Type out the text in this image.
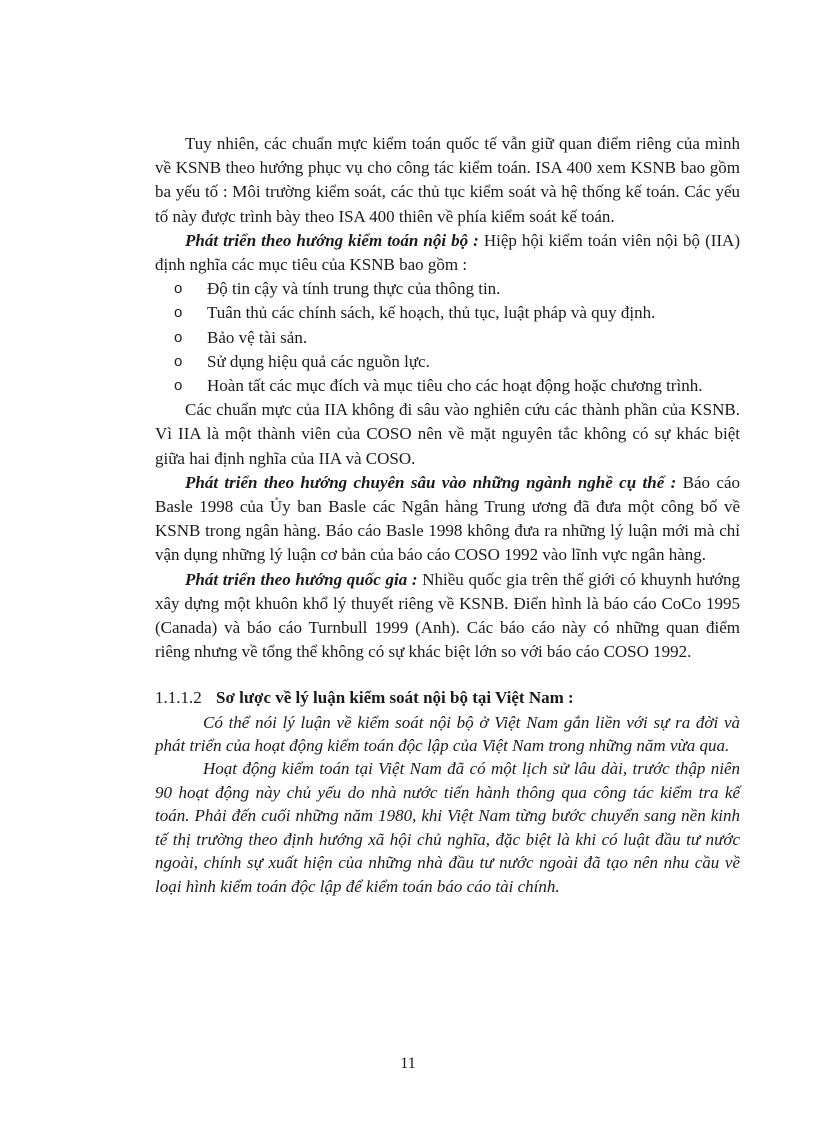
Tuy nhiên, các chuẩn mực kiểm toán quốc tế vẫn giữ quan điểm riêng của mình về KSNB theo hướng phục vụ cho công tác kiểm toán. ISA 400 xem KSNB bao gồm ba yếu tố : Môi trường kiểm soát, các thủ tục kiểm soát và hệ thống kế toán. Các yếu tố này được trình bày theo ISA 400 thiên về phía kiểm soát kế toán.

Phát triển theo hướng kiểm toán nội bộ : Hiệp hội kiểm toán viên nội bộ (IIA) định nghĩa các mục tiêu của KSNB bao gồm :

o Độ tin cậy và tính trung thực của thông tin.
o Tuân thủ các chính sách, kế hoạch, thủ tục, luật pháp và quy định.
o Bảo vệ tài sản.
o Sử dụng hiệu quả các nguồn lực.
o Hoàn tất các mục đích và mục tiêu cho các hoạt động hoặc chương trình.

Các chuẩn mực của IIA không đi sâu vào nghiên cứu các thành phần của KSNB. Vì IIA là một thành viên của COSO nên về mặt nguyên tắc không có sự khác biệt giữa hai định nghĩa của IIA và COSO.

Phát triển theo hướng chuyên sâu vào những ngành nghề cụ thể : Báo cáo Basle 1998 của Ủy ban Basle các Ngân hàng Trung ương đã đưa một công bố về KSNB trong ngân hàng. Báo cáo Basle 1998 không đưa ra những lý luận mới mà chỉ vận dụng những lý luận cơ bản của báo cáo COSO 1992 vào lĩnh vực ngân hàng.

Phát triển theo hướng quốc gia : Nhiều quốc gia trên thế giới có khuynh hướng xây dựng một khuôn khổ lý thuyết riêng về KSNB. Điển hình là báo cáo CoCo 1995 (Canada) và báo cáo Turnbull 1999 (Anh). Các báo cáo này có những quan điểm riêng nhưng về tổng thể không có sự khác biệt lớn so với báo cáo COSO 1992.

1.1.1.2 Sơ lược về lý luận kiểm soát nội bộ tại Việt Nam :

Có thể nói lý luận về kiểm soát nội bộ ở Việt Nam gắn liền với sự ra đời và phát triển của hoạt động kiểm toán độc lập của Việt Nam trong những năm vừa qua.

Hoạt động kiểm toán tại Việt Nam đã có một lịch sử lâu dài, trước thập niên 90 hoạt động này chủ yếu do nhà nước tiến hành thông qua công tác kiểm tra kế toán. Phải đến cuối những năm 1980, khi Việt Nam từng bước chuyển sang nền kinh tế thị trường theo định hướng xã hội chủ nghĩa, đặc biệt là khi có luật đầu tư nước ngoài, chính sự xuất hiện của những nhà đầu tư nước ngoài đã tạo nên nhu cầu về loại hình kiểm toán độc lập để kiểm toán báo cáo tài chính.

11
